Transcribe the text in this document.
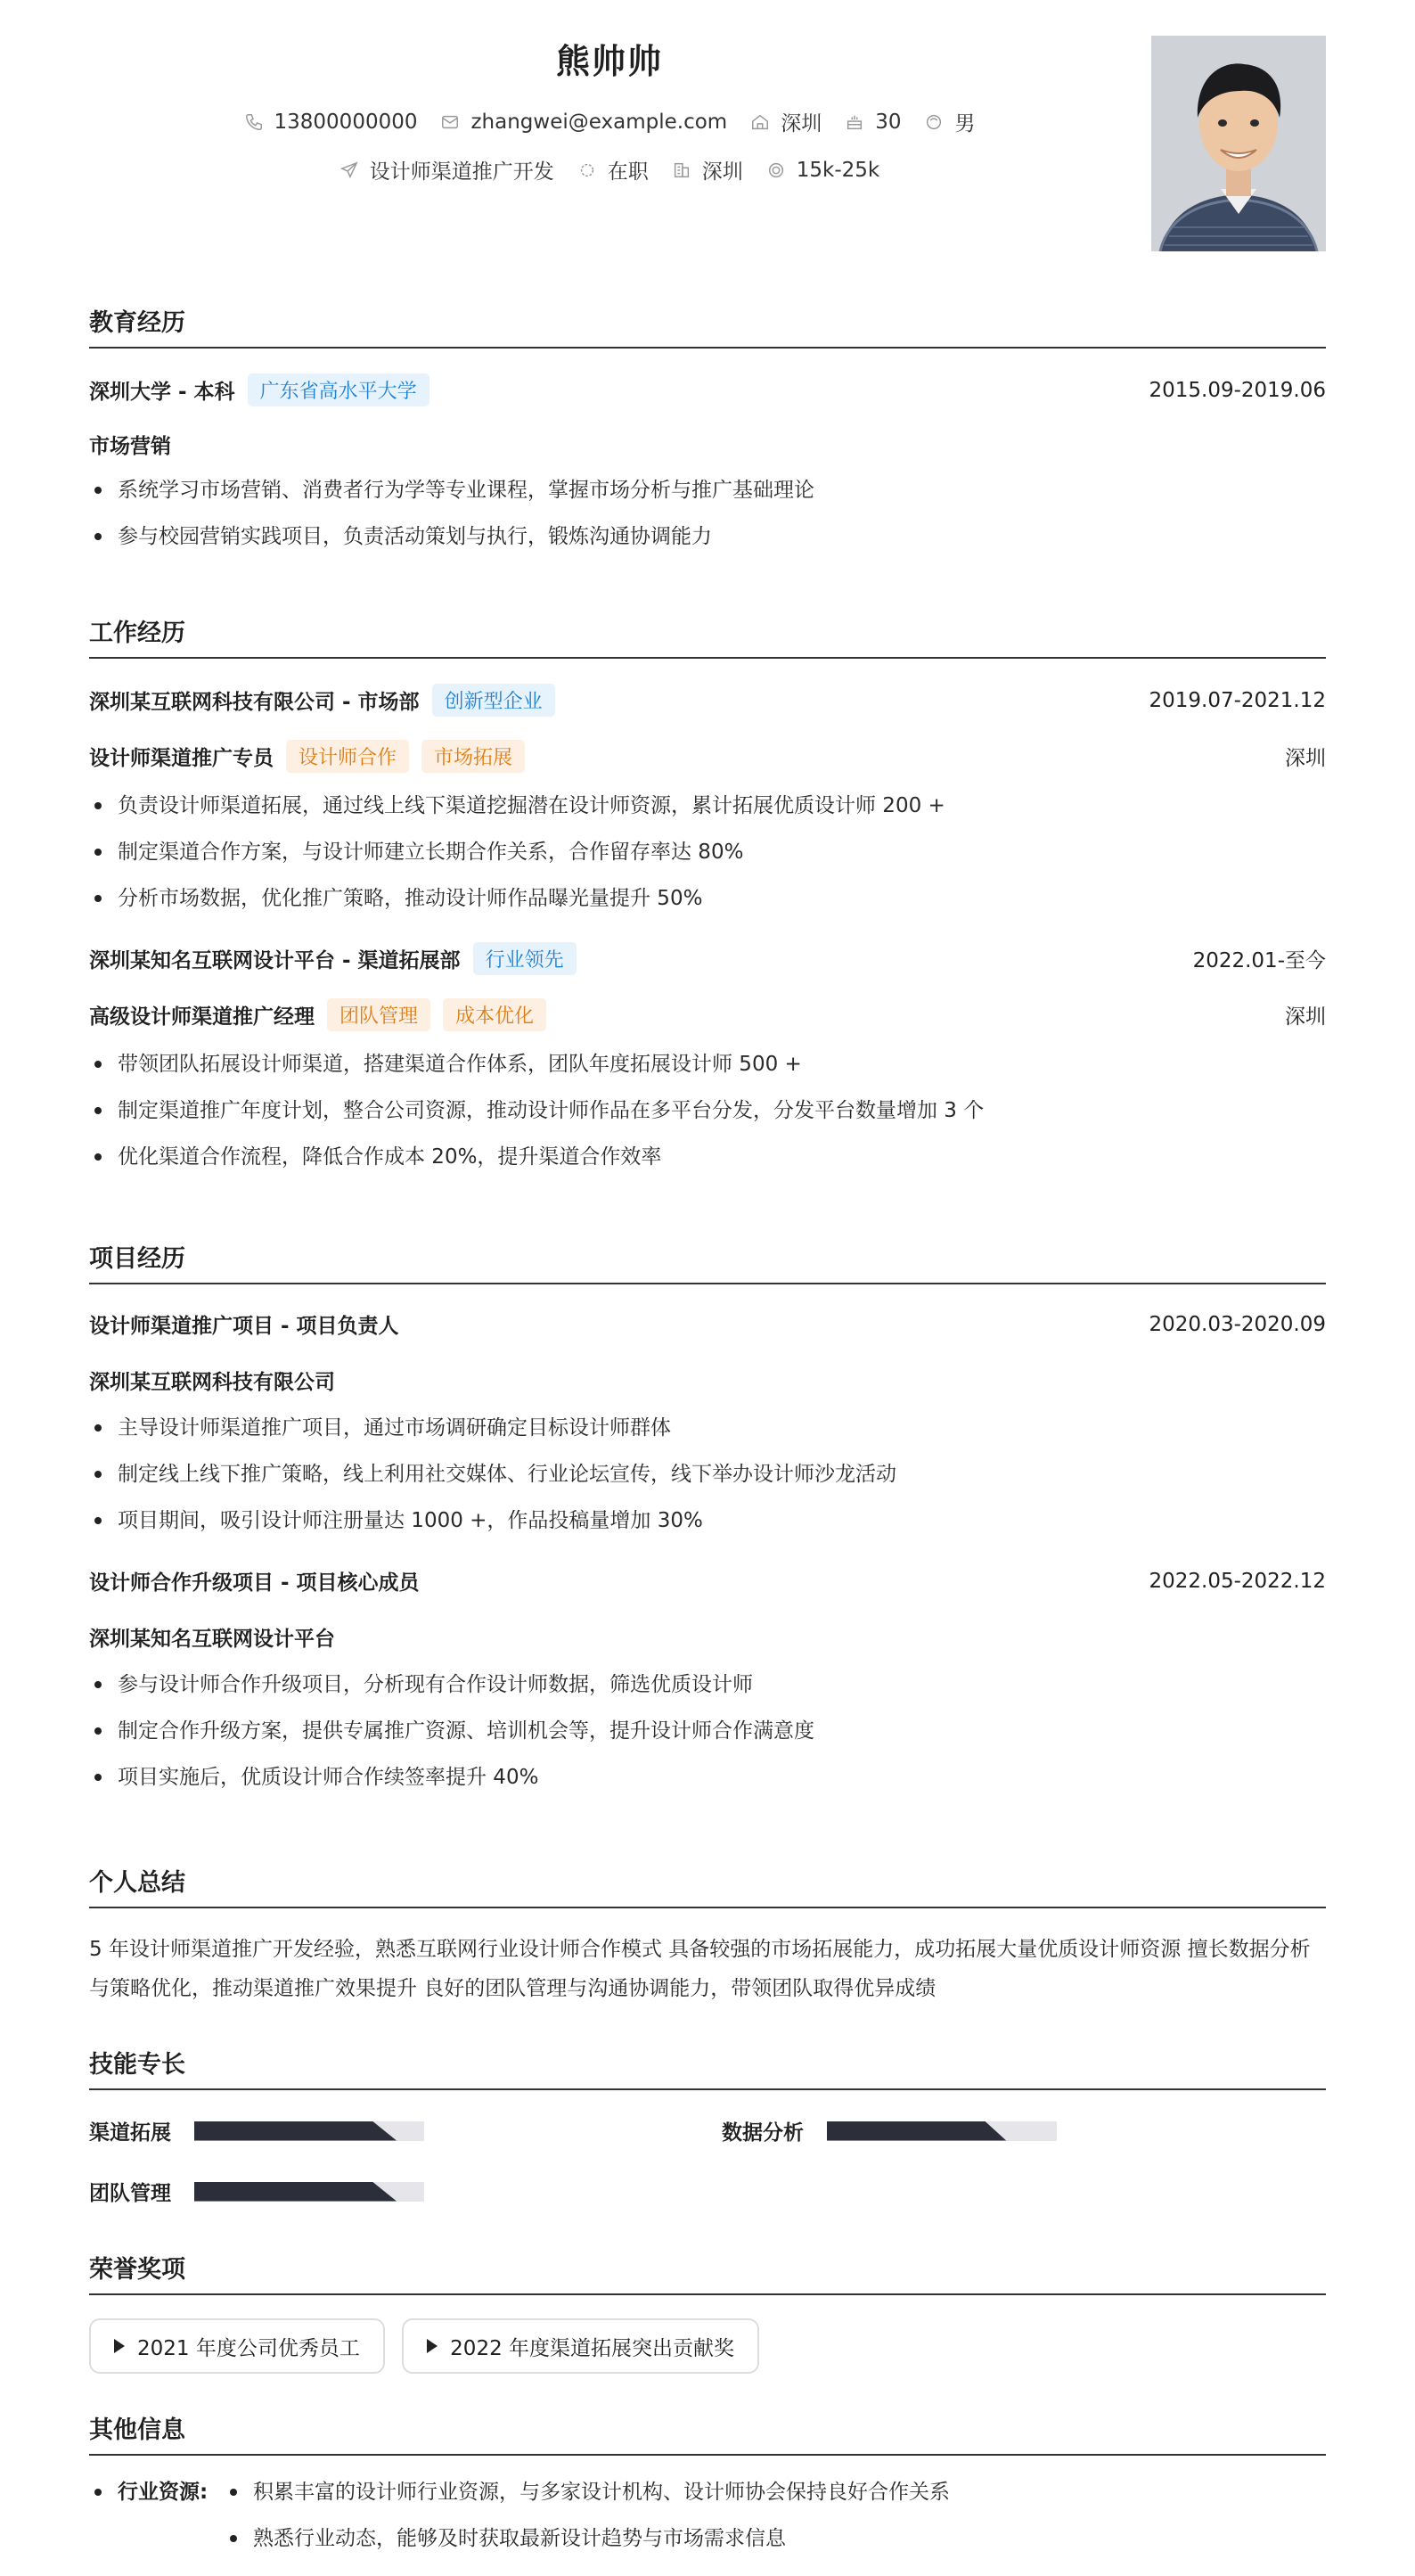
熊帅帅
13800000000	zhangwei@example.com	深圳	30	男
设计师渠道推广开发	在职	深圳	15k-25k
教育经历
深圳大学 - 本科	广东省高水平大学	2015.09-2019.06
市场营销
系统学习市场营销、消费者行为学等专业课程，掌握市场分析与推广基础理论
参与校园营销实践项目，负责活动策划与执行，锻炼沟通协调能力
工作经历
深圳某互联网科技有限公司 - 市场部	创新型企业	2019.07-2021.12
设计师渠道推广专员	设计师合作	市场拓展	深圳
负责设计师渠道拓展，通过线上线下渠道挖掘潜在设计师资源，累计拓展优质设计师 200 +
制定渠道合作方案，与设计师建立长期合作关系，合作留存率达 80%
分析市场数据，优化推广策略，推动设计师作品曝光量提升 50%
深圳某知名互联网设计平台 - 渠道拓展部	行业领先	2022.01-至今
高级设计师渠道推广经理	团队管理	成本优化	深圳
带领团队拓展设计师渠道，搭建渠道合作体系，团队年度拓展设计师 500 +
制定渠道推广年度计划，整合公司资源，推动设计师作品在多平台分发，分发平台数量增加 3 个
优化渠道合作流程，降低合作成本 20%，提升渠道合作效率
项目经历
设计师渠道推广项目 - 项目负责人	2020.03-2020.09
深圳某互联网科技有限公司
主导设计师渠道推广项目，通过市场调研确定目标设计师群体
制定线上线下推广策略，线上利用社交媒体、行业论坛宣传，线下举办设计师沙龙活动
项目期间，吸引设计师注册量达 1000 +，作品投稿量增加 30%
设计师合作升级项目 - 项目核心成员	2022.05-2022.12
深圳某知名互联网设计平台
参与设计师合作升级项目，分析现有合作设计师数据，筛选优质设计师
制定合作升级方案，提供专属推广资源、培训机会等，提升设计师合作满意度
项目实施后，优质设计师合作续签率提升 40%
个人总结

5 年设计师渠道推广开发经验，熟悉互联网行业设计师合作模式 具备较强的市场拓展能力，成功拓展大量优质设计师资源 擅长数据分析与策略优化，推动渠道推广效果提升 良好的团队管理与沟通协调能力，带领团队取得优异成绩

技能专长
渠道拓展	数据分析
团队管理
荣誉奖项
2021 年度公司优秀员工
	2022 年度渠道拓展突出贡献奖
其他信息
行业资源:	积累丰富的设计师行业资源，与多家设计机构、设计师协会保持良好合作关系
熟悉行业动态，能够及时获取最新设计趋势与市场需求信息
